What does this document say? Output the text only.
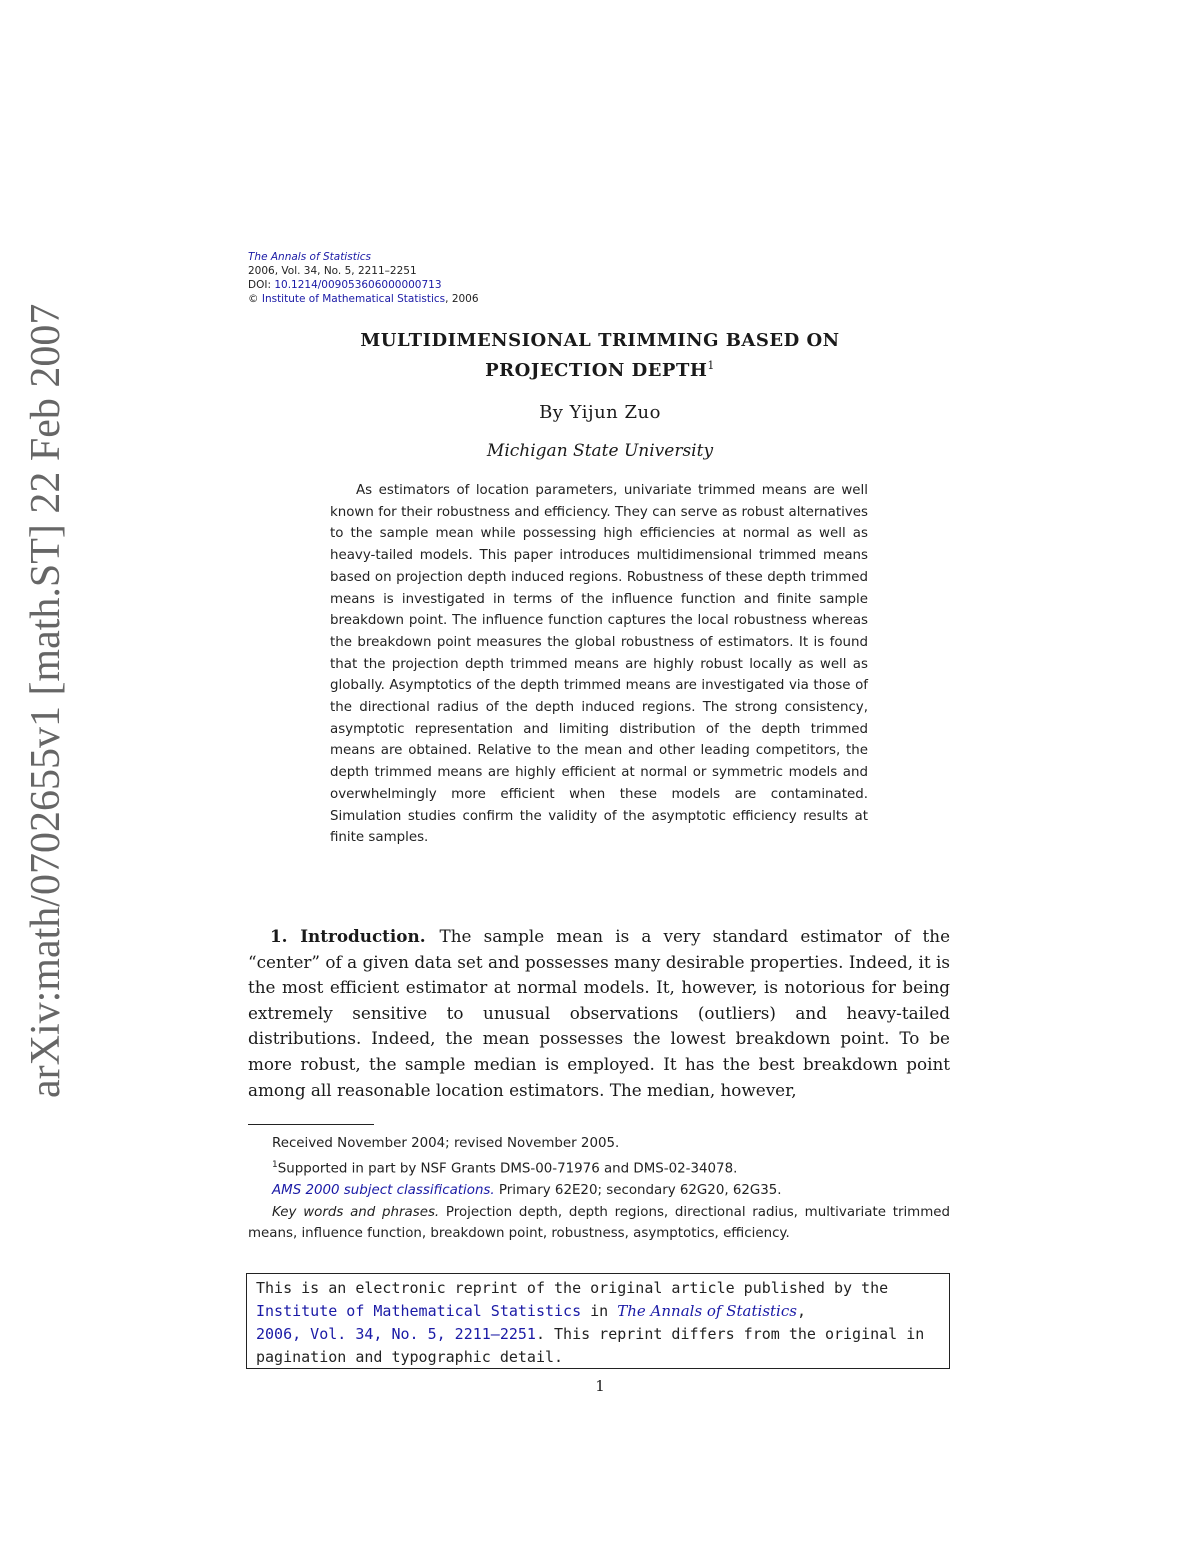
arXiv:math/0702655v1 [math.ST] 22 Feb 2007
The Annals of Statistics
2006, Vol. 34, No. 5, 2211–2251
DOI: 10.1214/009053606000000713
© Institute of Mathematical Statistics, 2006
MULTIDIMENSIONAL TRIMMING BASED ON
PROJECTION DEPTH$^1$
By Yijun Zuo
Michigan State University
As estimators of location parameters, univariate trimmed means are well known for their robustness and efficiency. They can serve as robust alternatives to the sample mean while possessing high efficiencies at normal as well as heavy-tailed models. This paper introduces multidimensional trimmed means based on projection depth induced regions. Robustness of these depth trimmed means is investigated in terms of the influence function and finite sample breakdown point. The influence function captures the local robustness whereas the breakdown point measures the global robustness of estimators. It is found that the projection depth trimmed means are highly robust locally as well as globally. Asymptotics of the depth trimmed means are investigated via those of the directional radius of the depth induced regions. The strong consistency, asymptotic representation and limiting distribution of the depth trimmed means are obtained. Relative to the mean and other leading competitors, the depth trimmed means are highly efficient at normal or symmetric models and overwhelmingly more efficient when these models are contaminated. Simulation studies confirm the validity of the asymptotic efficiency results at finite samples.
1. Introduction. The sample mean is a very standard estimator of the “center” of a given data set and possesses many desirable properties. Indeed, it is the most efficient estimator at normal models. It, however, is notorious for being extremely sensitive to unusual observations (outliers) and heavy-tailed distributions. Indeed, the mean possesses the lowest breakdown point. To be more robust, the sample median is employed. It has the best breakdown point among all reasonable location estimators. The median, however,

Received November 2004; revised November 2005.

$^1$Supported in part by NSF Grants DMS-00-71976 and DMS-02-34078.

AMS 2000 subject classifications. Primary 62E20; secondary 62G20, 62G35.

Key words and phrases. Projection depth, depth regions, directional radius, multivariate trimmed means, influence function, breakdown point, robustness, asymptotics, efficiency.

This is an electronic reprint of the original article published by the
Institute of Mathematical Statistics in The Annals of Statistics,
2006, Vol. 34, No. 5, 2211–2251. This reprint differs from the original in
pagination and typographic detail.
1
